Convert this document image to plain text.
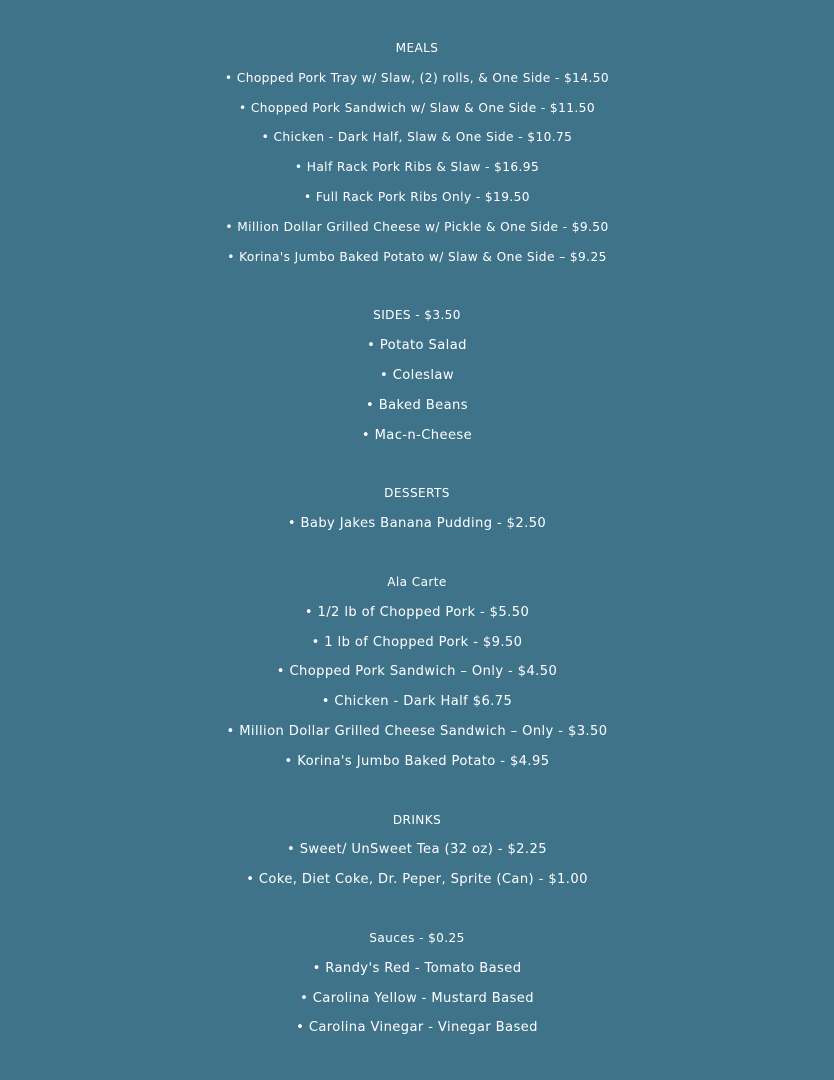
MEALS
• Chopped Pork Tray w/ Slaw, (2) rolls, & One Side - $14.50
• Chopped Pork Sandwich w/ Slaw & One Side - $11.50
• Chicken - Dark Half, Slaw & One Side - $10.75
• Half Rack Pork Ribs & Slaw - $16.95
• Full Rack Pork Ribs Only - $19.50
• Million Dollar Grilled Cheese w/ Pickle & One Side - $9.50
• Korina's Jumbo Baked Potato w/ Slaw & One Side – $9.25
SIDES - $3.50
• Potato Salad
• Coleslaw
• Baked Beans
• Mac-n-Cheese
DESSERTS
• Baby Jakes Banana Pudding - $2.50
Ala Carte
• 1/2 lb of Chopped Pork - $5.50
• 1 lb of Chopped Pork - $9.50
• Chopped Pork Sandwich – Only - $4.50
• Chicken - Dark Half $6.75
• Million Dollar Grilled Cheese Sandwich – Only - $3.50
• Korina's Jumbo Baked Potato - $4.95
DRINKS
• Sweet/ UnSweet Tea (32 oz) - $2.25
• Coke, Diet Coke, Dr. Peper, Sprite (Can) - $1.00
Sauces - $0.25
• Randy's Red - Tomato Based
• Carolina Yellow - Mustard Based
• Carolina Vinegar - Vinegar Based
